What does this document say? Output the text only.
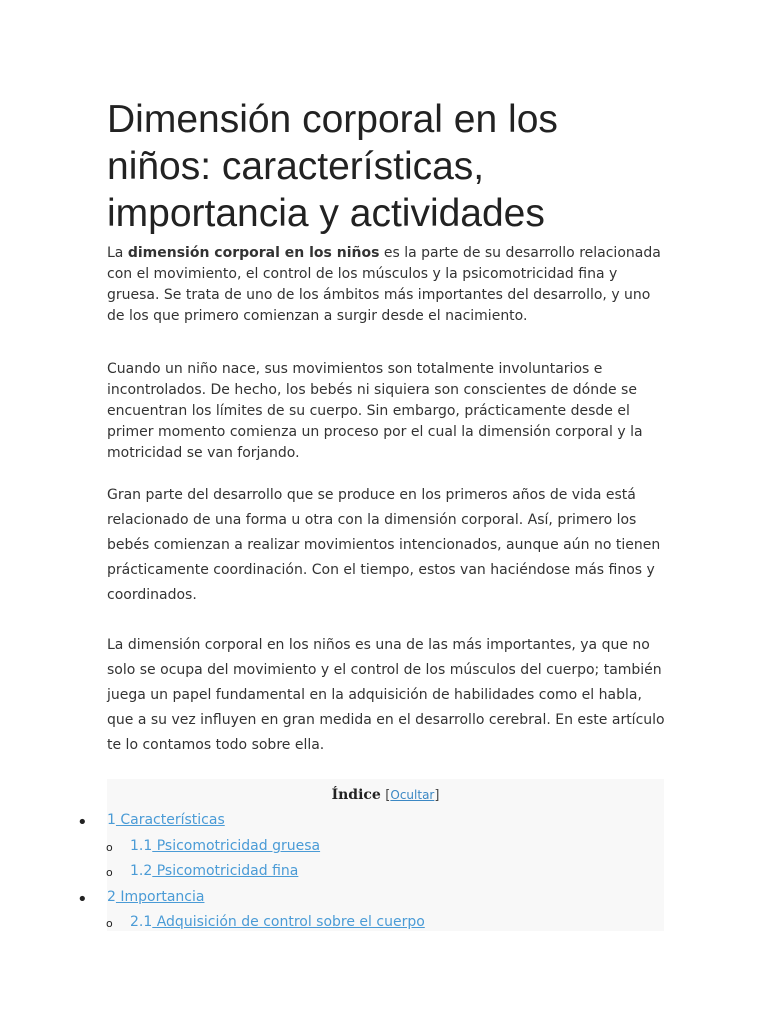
Dimensión corporal en los niños: características, importancia y actividades

La dimensión corporal en los niños es la parte de su desarrollo relacionada con el movimiento, el control de los músculos y la psicomotricidad fina y gruesa. Se trata de uno de los ámbitos más importantes del desarrollo, y uno de los que primero comienzan a surgir desde el nacimiento.

Cuando un niño nace, sus movimientos son totalmente involuntarios e incontrolados. De hecho, los bebés ni siquiera son conscientes de dónde se encuentran los límites de su cuerpo. Sin embargo, prácticamente desde el primer momento comienza un proceso por el cual la dimensión corporal y la motricidad se van forjando.

Gran parte del desarrollo que se produce en los primeros años de vida está relacionado de una forma u otra con la dimensión corporal. Así, primero los bebés comienzan a realizar movimientos intencionados, aunque aún no tienen prácticamente coordinación. Con el tiempo, estos van haciéndose más finos y coordinados.

La dimensión corporal en los niños es una de las más importantes, ya que no solo se ocupa del movimiento y el control de los músculos del cuerpo; también juega un papel fundamental en la adquisición de habilidades como el habla, que a su vez influyen en gran medida en el desarrollo cerebral. En este artículo te lo contamos todo sobre ella.

Índice [Ocultar]
• 1 Características
o 1.1 Psicomotricidad gruesa
o 1.2 Psicomotricidad fina
• 2 Importancia
o 2.1 Adquisición de control sobre el cuerpo
